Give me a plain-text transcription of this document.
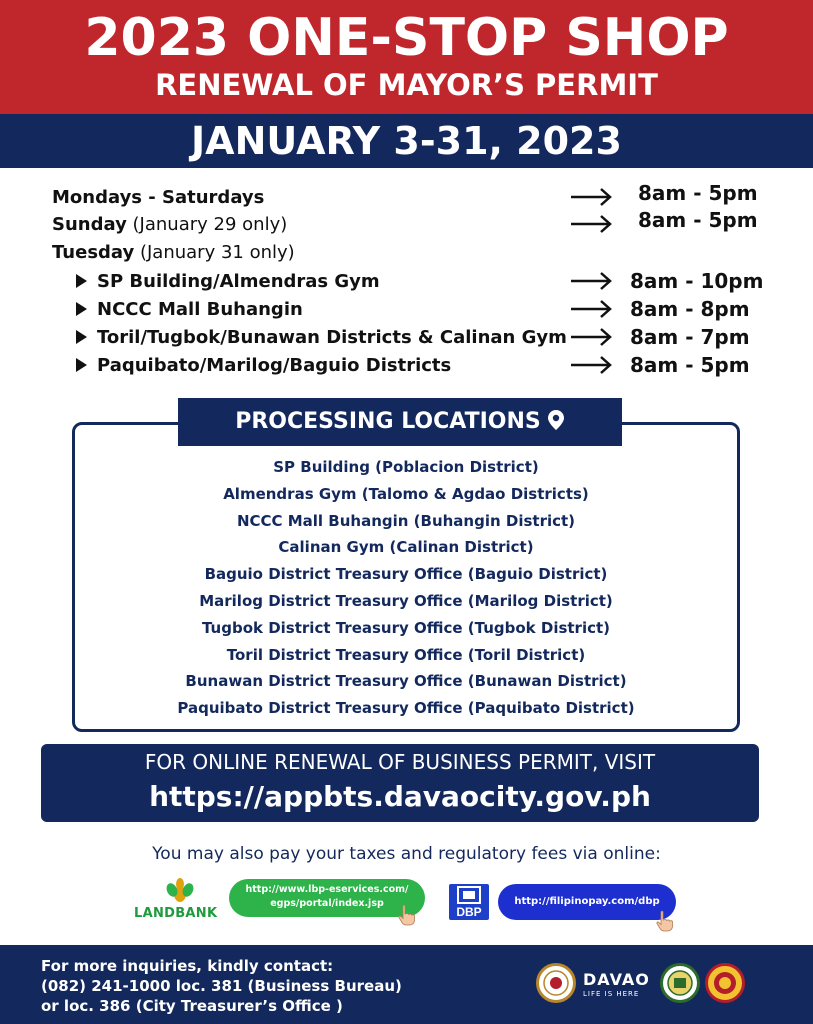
2023 ONE-STOP SHOP
RENEWAL OF MAYOR’S PERMIT
JANUARY 3-31, 2023
Mondays - Saturdays	8am - 5pm
Sunday (January 29 only)	8am - 5pm
Tuesday (January 31 only)
SP Building/Almendras Gym	8am - 10pm
NCCC Mall Buhangin	8am - 8pm
Toril/Tugbok/Bunawan Districts & Calinan Gym	8am - 7pm
Paquibato/Marilog/Baguio Districts	8am - 5pm
PROCESSING LOCATIONS
SP Building (Poblacion District)
Almendras Gym (Talomo & Agdao Districts)
NCCC Mall Buhangin (Buhangin District)
Calinan Gym (Calinan District)
Baguio District Treasury Office (Baguio District)
Marilog District Treasury Office (Marilog District)
Tugbok District Treasury Office (Tugbok District)
Toril District Treasury Office (Toril District)
Bunawan District Treasury Office (Bunawan District)
Paquibato District Treasury Office (Paquibato District)
FOR ONLINE RENEWAL OF BUSINESS PERMIT, VISIT
https://appbts.davaocity.gov.ph
You may also pay your taxes and regulatory fees via online:
LANDBANK
http://www.lbp-eservices.com/
egps/portal/index.jsp
DBP
http://filipinopay.com/dbp
For more inquiries, kindly contact:
(082) 241-1000 loc. 381 (Business Bureau)
or loc. 386 (City Treasurer’s Office )
DAVAO
LIFE IS HERE
